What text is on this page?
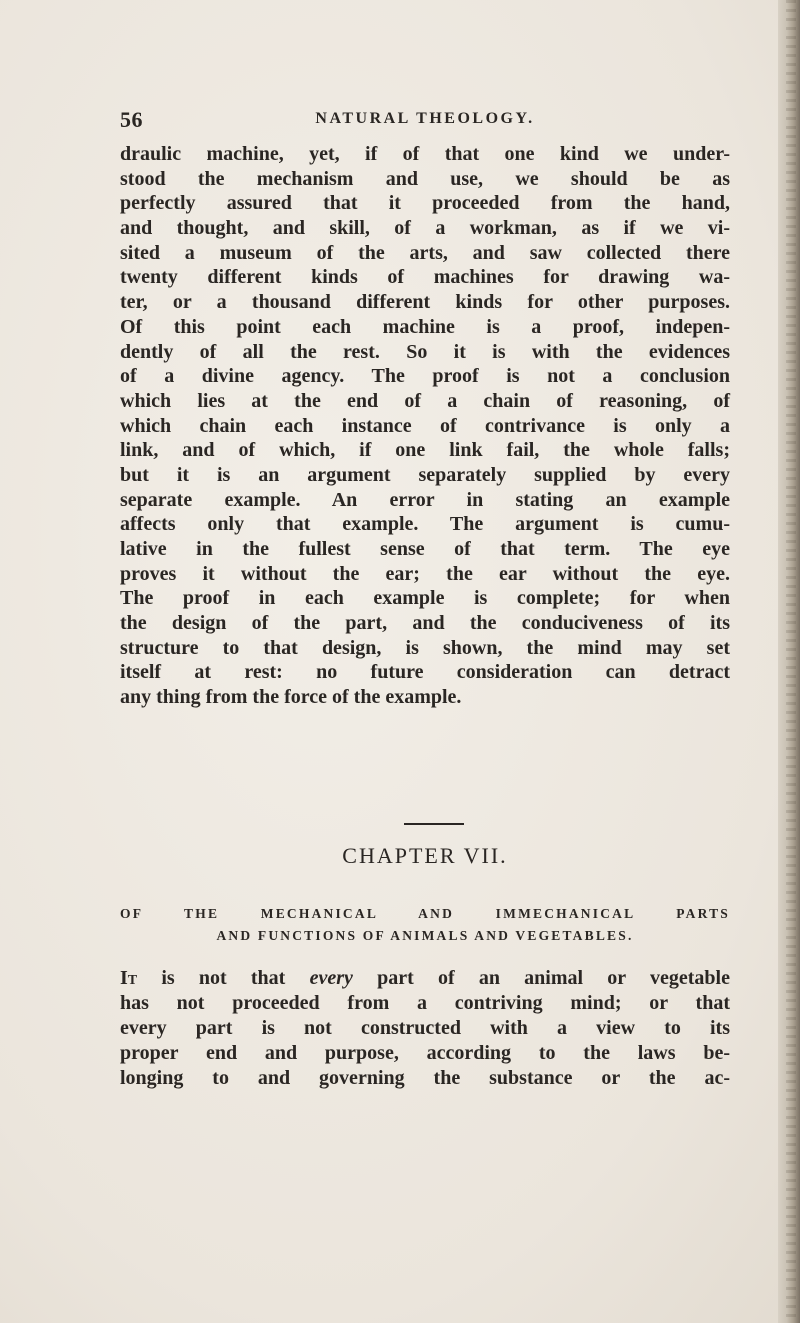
56	NATURAL THEOLOGY.
draulic machine, yet, if of that one kind we under-
stood the mechanism and use, we should be as
perfectly assured that it proceeded from the hand,
and thought, and skill, of a workman, as if we vi-
sited a museum of the arts, and saw collected there
twenty different kinds of machines for drawing wa-
ter, or a thousand different kinds for other purposes.
Of this point each machine is a proof, indepen-
dently of all the rest. So it is with the evidences
of a divine agency. The proof is not a conclusion
which lies at the end of a chain of reasoning, of
which chain each instance of contrivance is only a
link, and of which, if one link fail, the whole falls;
but it is an argument separately supplied by every
separate example. An error in stating an example
affects only that example. The argument is cumu-
lative in the fullest sense of that term. The eye
proves it without the ear; the ear without the eye.
The proof in each example is complete; for when
the design of the part, and the conduciveness of its
structure to that design, is shown, the mind may set
itself at rest: no future consideration can detract
any thing from the force of the example.
CHAPTER VII.
OF THE MECHANICAL AND IMMECHANICAL PARTS
AND FUNCTIONS OF ANIMALS AND VEGETABLES.
It is not that every part of an animal or vegetable
has not proceeded from a contriving mind; or that
every part is not constructed with a view to its
proper end and purpose, according to the laws be-
longing to and governing the substance or the ac-
